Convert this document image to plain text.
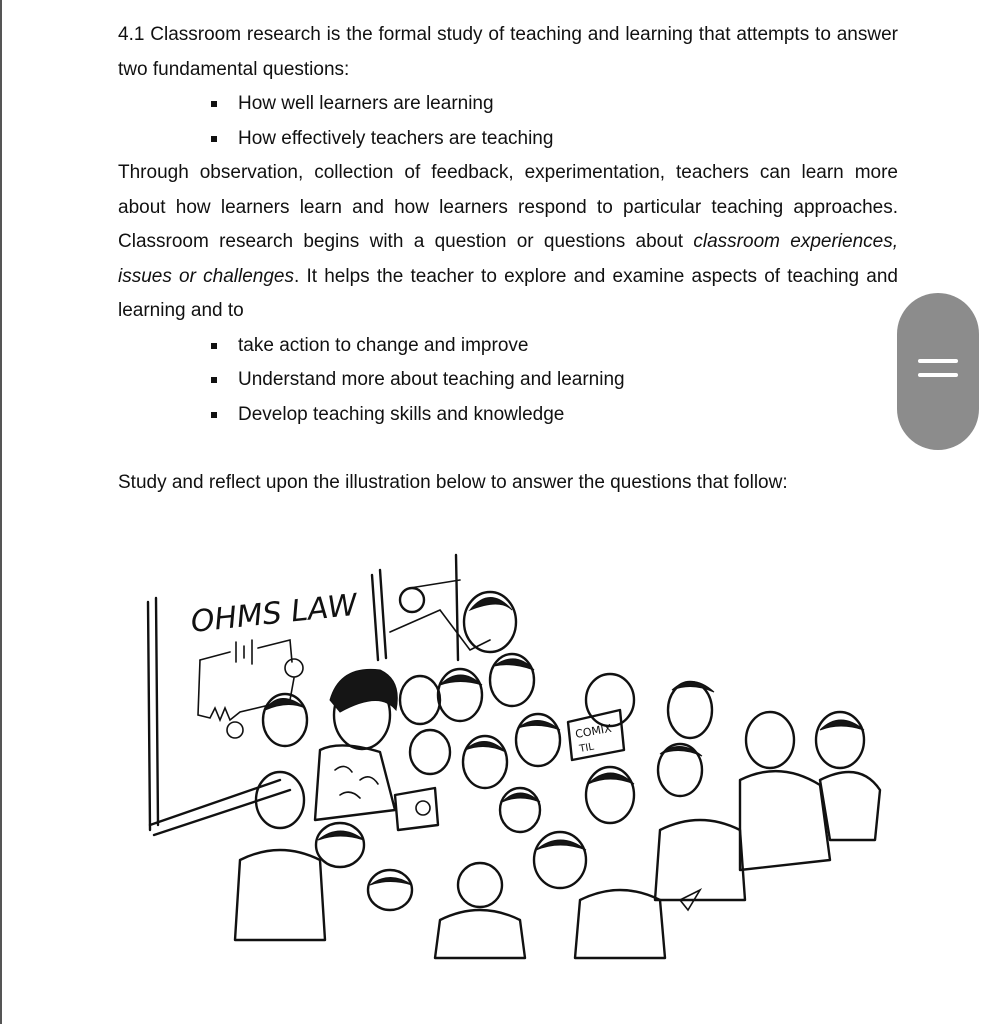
4.1 Classroom research is the formal study of teaching and learning that attempts to answer two fundamental questions:

How well learners are learning
How effectively teachers are teaching

Through observation, collection of feedback, experimentation, teachers can learn more about how learners learn and how learners respond to particular teaching approaches. Classroom research begins with a question or questions about classroom experiences, issues or challenges. It helps the teacher to explore and examine aspects of teaching and learning and to

take action to change and improve
Understand more about teaching and learning
Develop teaching skills and knowledge

Study and reflect upon the illustration below to answer the questions that follow:

OHMS LAW
COMIX
TIL
